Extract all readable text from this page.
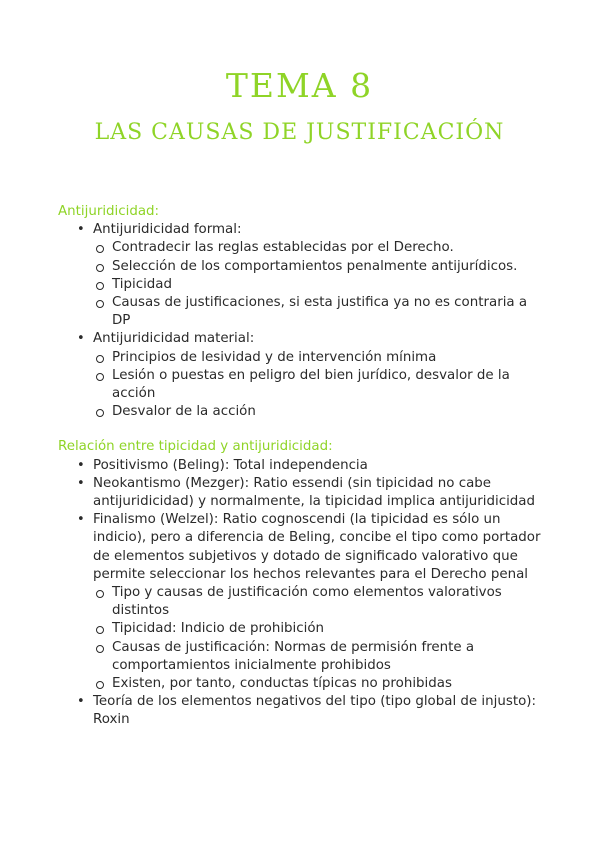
TEMA 8
LAS CAUSAS DE JUSTIFICACIÓN
Antijuridicidad:
• Antijuridicidad formal:
Contradecir las reglas establecidas por el Derecho.
Selección de los comportamientos penalmente antijurídicos.
Tipicidad
Causas de justificaciones, si esta justifica ya no es contraria a DP
• Antijuridicidad material:
Principios de lesividad y de intervención mínima
Lesión o puestas en peligro del bien jurídico, desvalor de la acción
Desvalor de la acción
Relación entre tipicidad y antijuridicidad:
• Positivismo (Beling): Total independencia
• Neokantismo (Mezger): Ratio essendi (sin tipicidad no cabe antijuridicidad) y normalmente, la tipicidad implica antijuridicidad
• Finalismo (Welzel): Ratio cognoscendi (la tipicidad es sólo un indicio), pero a diferencia de Beling, concibe el tipo como portador de elementos subjetivos y dotado de significado valorativo que permite seleccionar los hechos relevantes para el Derecho penal
Tipo y causas de justificación como elementos valorativos distintos
Tipicidad: Indicio de prohibición
Causas de justificación: Normas de permisión frente a comportamientos inicialmente prohibidos
Existen, por tanto, conductas típicas no prohibidas
• Teoría de los elementos negativos del tipo (tipo global de injusto): Roxin
